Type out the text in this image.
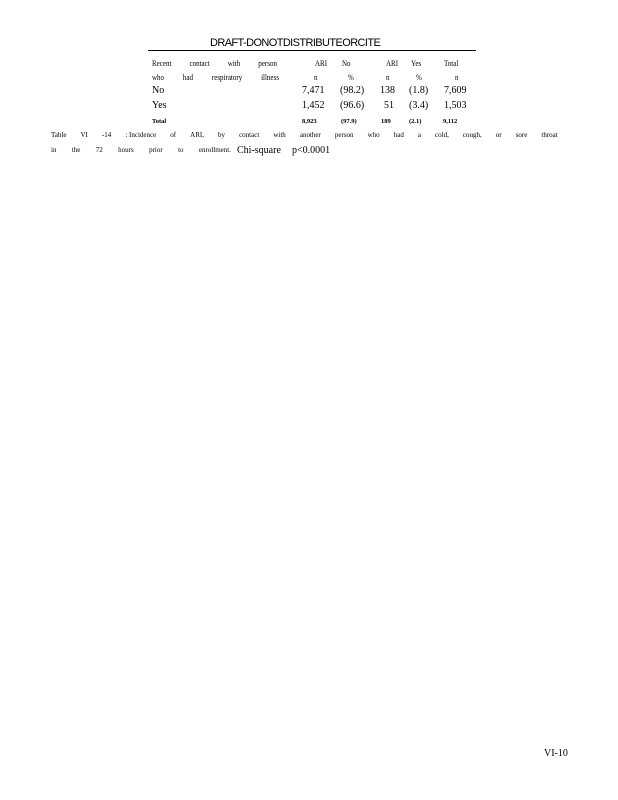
DRAFT-DONOTDISTRIBUTEORCITE
Recent	contact	with	person
who	had	respiratory	illness
ARI No	ARI Yes	Total
n	%	n	%	n
No	7,471 (98.2) 138 (1.8) 7,609
Yes	1,452 (96.6) 51 (3.4) 1,503
Total	8,923	(97.9)	189	(2.1)	9,112
Table VI -14 : Incidence of ARI, by contact with another person who had a cold, cough, or sore throat
in the 72 hours prior to enrollment. Chi-square p<0.0001
VI-10
